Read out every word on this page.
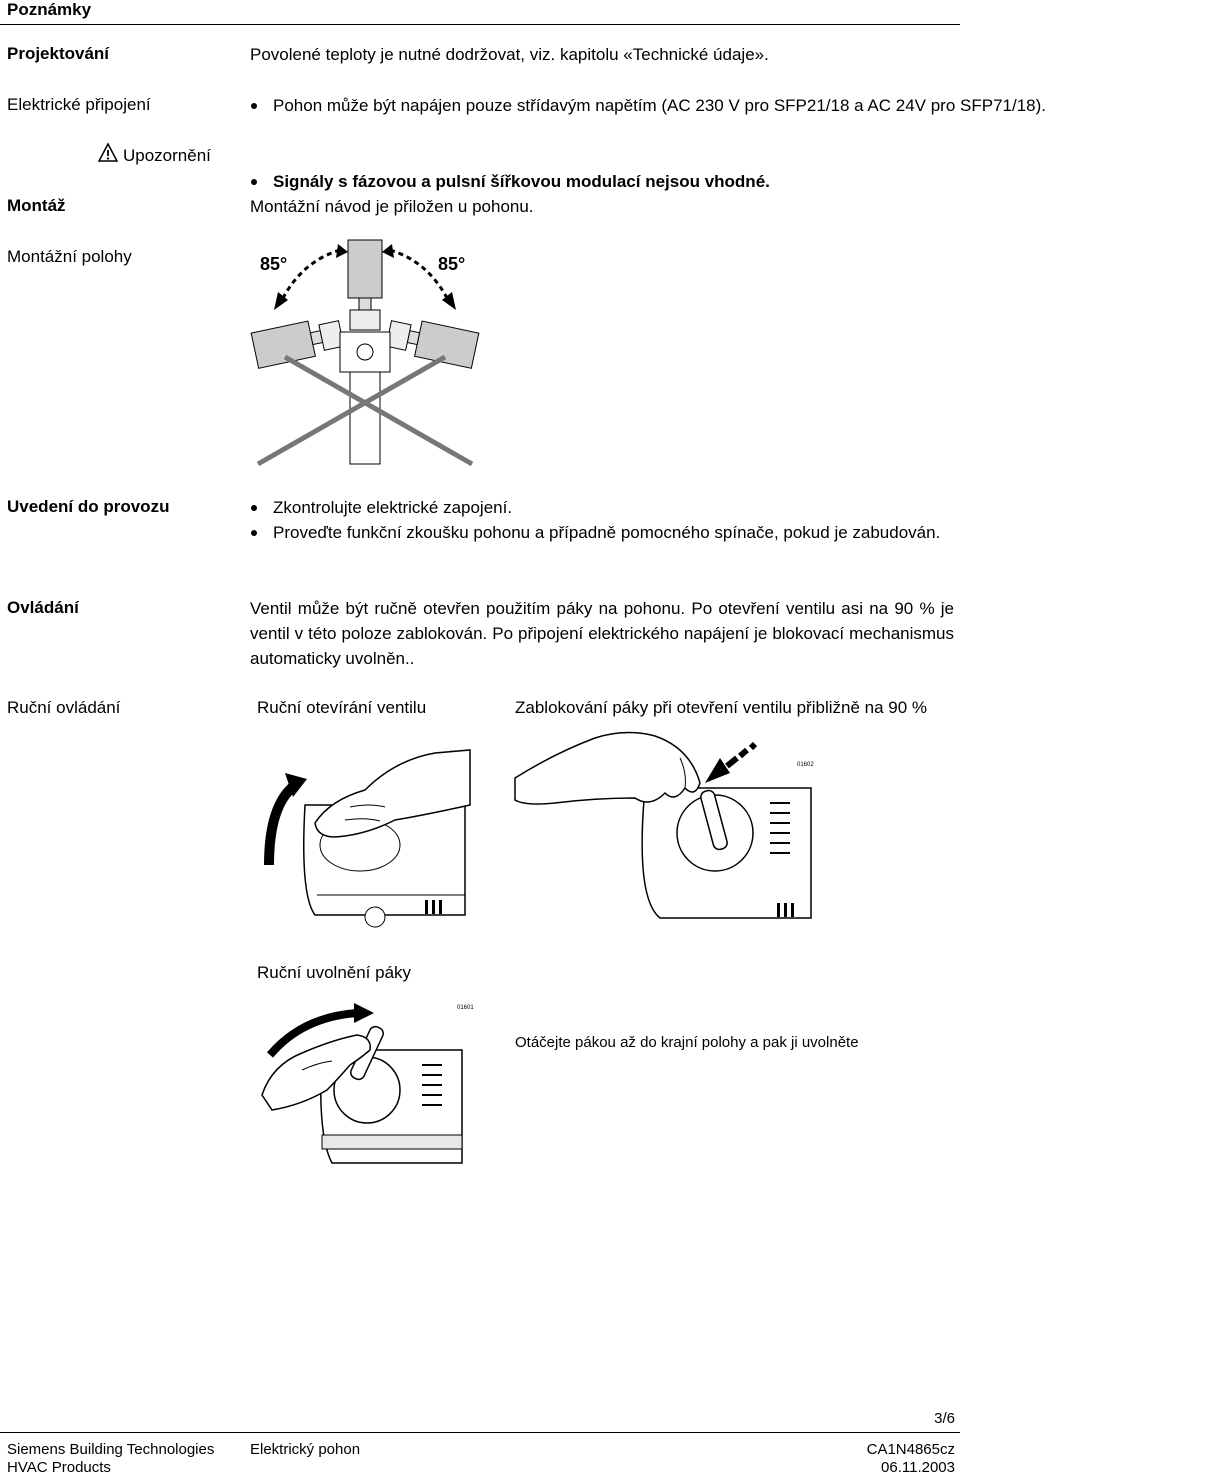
Poznámky
Projektování	Povolené teploty je nutné dodržovat, viz. kapitolu «Technické údaje».
Elektrické připojení	Pohon může být napájen pouze střídavým napětím (AC 230 V pro SFP21/18 a AC 24V pro SFP71/18).
Upozornění
Signály s fázovou a pulsní šířkovou modulací nejsou vhodné.
Montáž	Montážní návod je přiložen u pohonu.
Montážní polohy	85°	85°
Uvedení do provozu	Zkontrolujte elektrické zapojení.
Proveďte funkční zkoušku pohonu a případně pomocného spínače, pokud je zabudován.
Ovládání	Ventil může být ručně otevřen použitím páky na pohonu. Po otevření ventilu asi na 90 % je ventil v této poloze zablokován. Po připojení elektrického napájení je blokovací mechanismus automaticky uvolněn..
Ruční ovládání	Ruční otevírání ventilu	Zablokování páky při otevření ventilu přibližně na 90 %
01602
Ruční uvolnění páky
01601
Otáčejte pákou až do krajní polohy a pak ji uvolněte
3/6
Siemens Building Technologies
HVAC Products
Elektrický pohon	CA1N4865cz
06.11.2003
